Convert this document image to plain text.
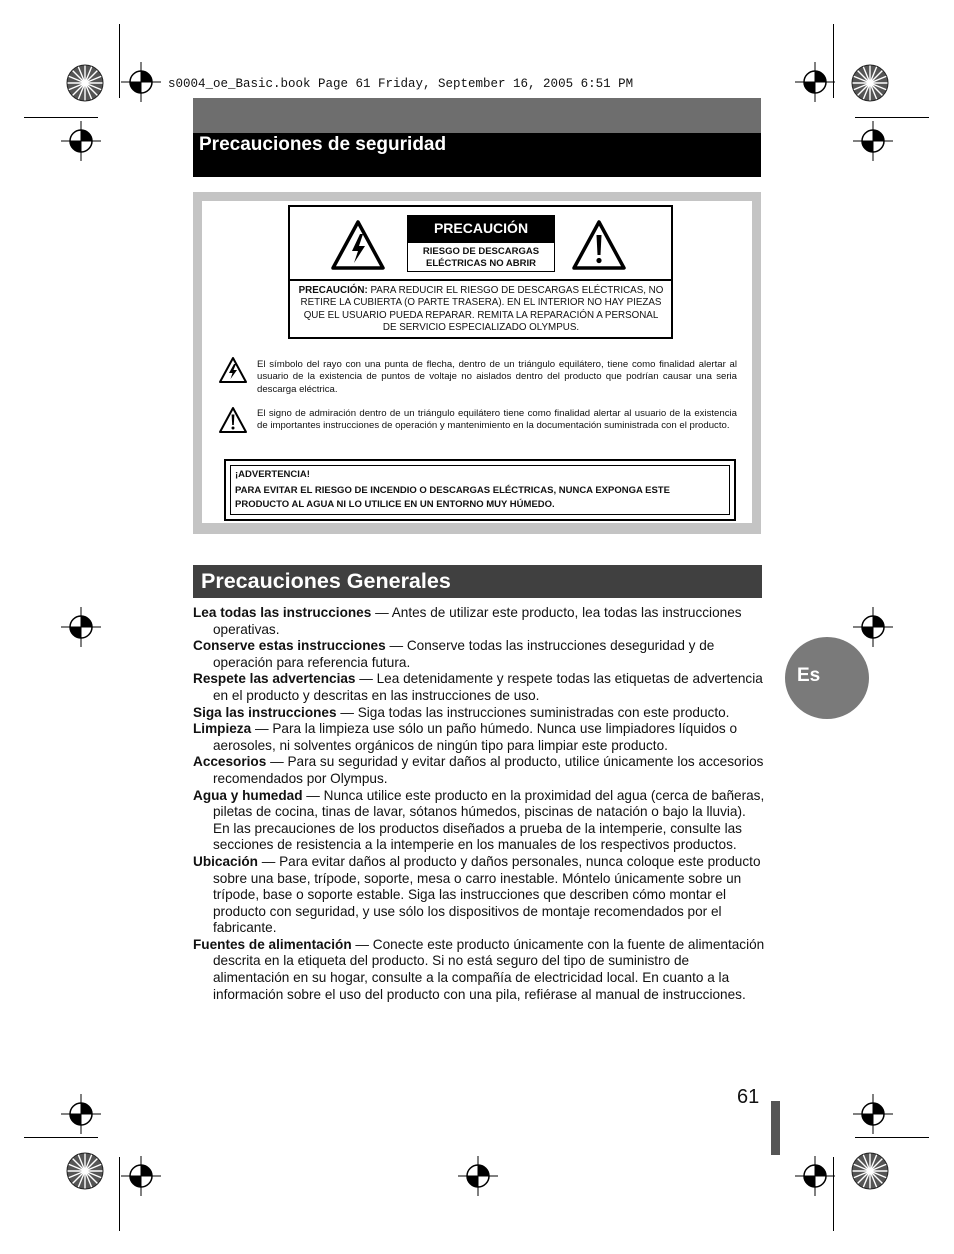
s0004_oe_Basic.book Page 61 Friday, September 16, 2005 6:51 PM
Precauciones de seguridad
PRECAUCIÓN
RIESGO DE DESCARGAS ELÉCTRICAS NO ABRIR
PRECAUCIÓN: PARA REDUCIR EL RIESGO DE DESCARGAS ELÉCTRICAS, NO RETIRE LA CUBIERTA (O PARTE TRASERA). EN EL INTERIOR NO HAY PIEZAS QUE EL USUARIO PUEDA REPARAR. REMITA LA REPARACIÓN A PERSONAL DE SERVICIO ESPECIALIZADO OLYMPUS.
El símbolo del rayo con una punta de flecha, dentro de un triángulo equilátero, tiene como finalidad alertar al usuario de la existencia de puntos de voltaje no aislados dentro del producto que podrían causar una seria descarga eléctrica.
El signo de admiración dentro de un triángulo equilátero tiene como finalidad alertar al usuario de la existencia de importantes instrucciones de operación y mantenimiento en la documentación suministrada con el producto.
¡ADVERTENCIA!
PARA EVITAR EL RIESGO DE INCENDIO O DESCARGAS ELÉCTRICAS, NUNCA EXPONGA ESTE PRODUCTO AL AGUA NI LO UTILICE EN UN ENTORNO MUY HÚMEDO.
Precauciones Generales
Lea todas las instrucciones — Antes de utilizar este producto, lea todas las instrucciones operativas.
Conserve estas instrucciones — Conserve todas las instrucciones deseguridad y de operación para referencia futura.
Respete las advertencias — Lea detenidamente y respete todas las etiquetas de advertencia en el producto y descritas en las instrucciones de uso.
Siga las instrucciones — Siga todas las instrucciones suministradas con este producto.
Limpieza — Para la limpieza use sólo un paño húmedo. Nunca use limpiadores líquidos o aerosoles, ni solventes orgánicos de ningún tipo para limpiar este producto.
Accesorios — Para su seguridad y evitar daños al producto, utilice únicamente los accesorios recomendados por Olympus.
Agua y humedad — Nunca utilice este producto en la proximidad del agua (cerca de bañeras, piletas de cocina, tinas de lavar, sótanos húmedos, piscinas de natación o bajo la lluvia). En las precauciones de los productos diseñados a prueba de la intemperie, consulte las secciones de resistencia a la intemperie en los manuales de los respectivos productos.
Ubicación — Para evitar daños al producto y daños personales, nunca coloque este producto sobre una base, trípode, soporte, mesa o carro inestable. Móntelo únicamente sobre un trípode, base o soporte estable. Siga las instrucciones que describen cómo montar el producto con seguridad, y use sólo los dispositivos de montaje recomendados por el fabricante.
Fuentes de alimentación — Conecte este producto únicamente con la fuente de alimentación descrita en la etiqueta del producto. Si no está seguro del tipo de suministro de alimentación en su hogar, consulte a la compañía de electricidad local. En cuanto a la información sobre el uso del producto con una pila, refiérase al manual de instrucciones.
Es
61
